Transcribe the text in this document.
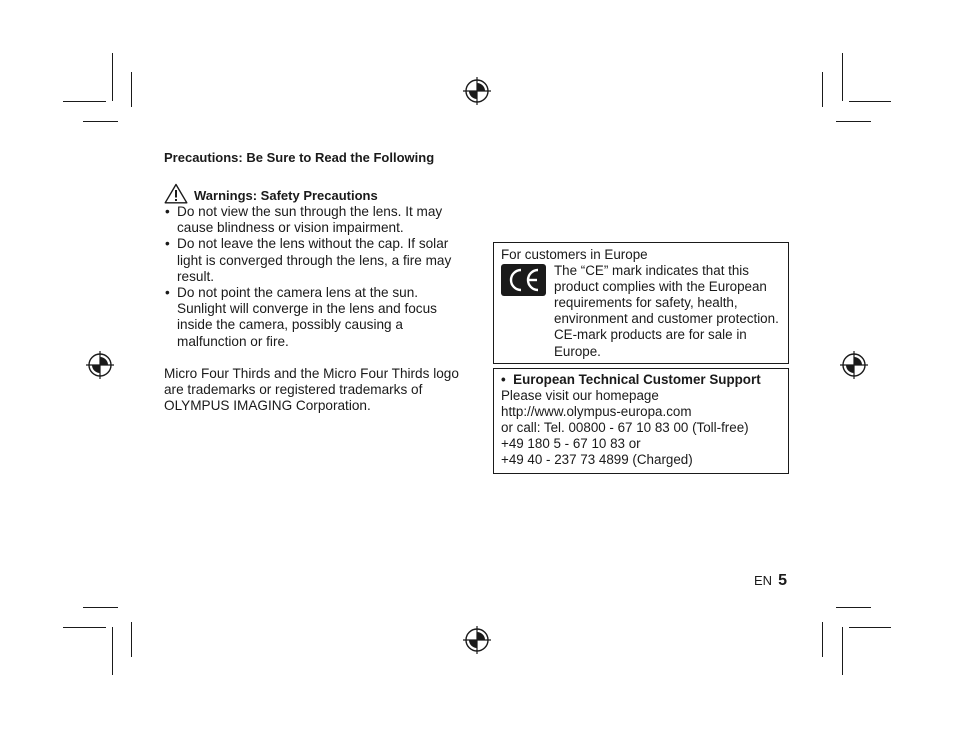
Precautions: Be Sure to Read the Following

Warnings: Safety Precautions
• Do not view the sun through the lens. It may cause blindness or vision impairment.
• Do not leave the lens without the cap. If solar light is converged through the lens, a fire may result.
• Do not point the camera lens at the sun. Sunlight will converge in the lens and focus inside the camera, possibly causing a malfunction or fire.

Micro Four Thirds and the Micro Four Thirds logo are trademarks or registered trademarks of OLYMPUS IMAGING Corporation.

For customers in Europe
The “CE” mark indicates that this product complies with the European requirements for safety, health, environment and customer protection. CE-mark products are for sale in Europe.
•  European Technical Customer Support
Please visit our homepage
http://www.olympus-europa.com
or call: Tel. 00800 - 67 10 83 00 (Toll-free)
+49 180 5 - 67 10 83 or
+49 40 - 237 73 4899 (Charged)
EN 5
